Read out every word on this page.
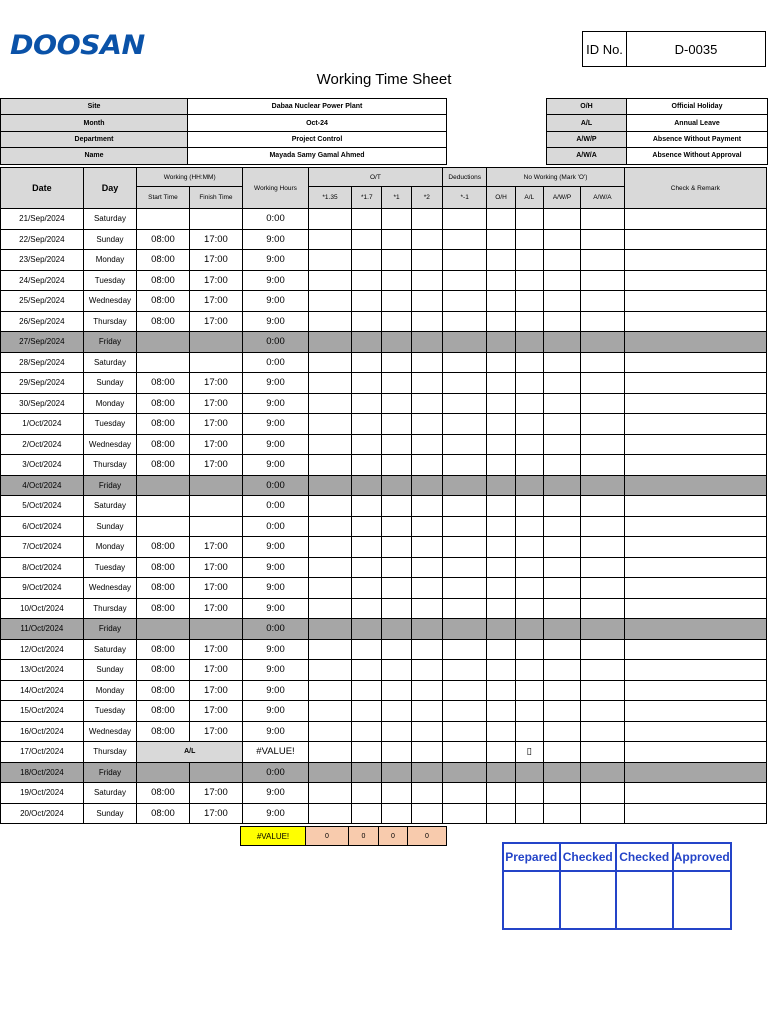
DOOSAN	ID No.	D-0035
Working Time Sheet
Site	Dabaa Nuclear Power Plant
Month	Oct-24
Department	Project Control
Name	Mayada Samy Gamal Ahmed
O/H	Official Holiday
A/L	Annual Leave
A/W/P	Absence Without Payment
A/W/A	Absence Without Approval
Date	Day	Working (HH:MM)		Working Hours	O/T				Deductions	No Working (Mark 'O')				Check & Remark
		Start Time	Finish Time		*1.35	*1.7	*1	*2	*-1	O/H	A/L	A/W/P	A/W/A	
21/Sep/2024	Saturday			0:00										
22/Sep/2024	Sunday	08:00	17:00	9:00										
23/Sep/2024	Monday	08:00	17:00	9:00										
24/Sep/2024	Tuesday	08:00	17:00	9:00										
25/Sep/2024	Wednesday	08:00	17:00	9:00										
26/Sep/2024	Thursday	08:00	17:00	9:00										
27/Sep/2024	Friday			0:00										
28/Sep/2024	Saturday			0:00										
29/Sep/2024	Sunday	08:00	17:00	9:00										
30/Sep/2024	Monday	08:00	17:00	9:00										
1/Oct/2024	Tuesday	08:00	17:00	9:00										
2/Oct/2024	Wednesday	08:00	17:00	9:00										
3/Oct/2024	Thursday	08:00	17:00	9:00										
4/Oct/2024	Friday			0:00										
5/Oct/2024	Saturday			0:00										
6/Oct/2024	Sunday			0:00										
7/Oct/2024	Monday	08:00	17:00	9:00										
8/Oct/2024	Tuesday	08:00	17:00	9:00										
9/Oct/2024	Wednesday	08:00	17:00	9:00										
10/Oct/2024	Thursday	08:00	17:00	9:00										
11/Oct/2024	Friday			0:00										
12/Oct/2024	Saturday	08:00	17:00	9:00										
13/Oct/2024	Sunday	08:00	17:00	9:00										
14/Oct/2024	Monday	08:00	17:00	9:00										
15/Oct/2024	Tuesday	08:00	17:00	9:00										
16/Oct/2024	Wednesday	08:00	17:00	9:00										
17/Oct/2024	Thursday	A/L		#VALUE!							▯			
18/Oct/2024	Friday			0:00										
19/Oct/2024	Saturday	08:00	17:00	9:00										
20/Oct/2024	Sunday	08:00	17:00	9:00										
#VALUE!	0	0	0	0
Prepared Checked Checked Approved
